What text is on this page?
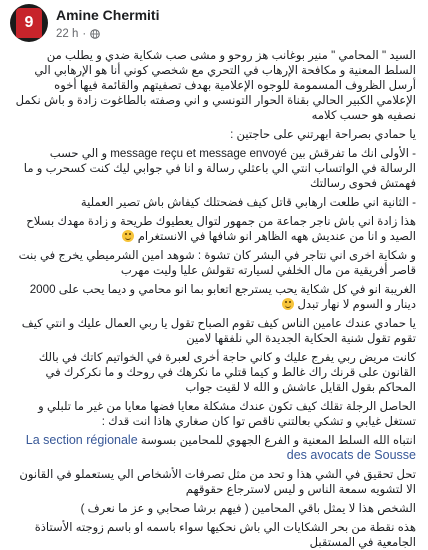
9	Amine Chermiti
22 h ·

السيد " المحامي " منير بوغانب هز روحو و مشى صب شكاية ضدي و يطلب من السلط المعنية و مكافحة الإرهاب في التحري مع شخصي كوني أنا هو الإرهابي الي أرسل الظروف المسمومة للوجوه الإعلامية بهدف تصفيتهم والقائمة فيها أخوه الإعلامي الكبير الحالي بقناة الحوار التونسي و اني وصفته بالطاغوت زادة و باش نكمل نصفيه هو حسب كلامه

يا حمادي بصراحة ابهرتني على حاجتين :

- الأولى انك ما تفرقش بين message reçu et message envoyé و الي حسب الرسالة في الواتساب انتي الي باعثلي رسالة و انا في جوابي ليك كنت كسحرب و ما فهمتش فحوى رسالتك

- الثانية اني طلعت ارهابي قاتل كيف فضحتلك كيفاش باش تصير العملية

هذا زادة اني باش ناجر جماعة من جمهور لتوال يعطيوك طريحة و زادة مهدك بسلاح الصيد و انا من عنديش ههه الظاهر انو شافها في الانستغرام

و شكاية اخرى اني نتاجر في البشر كان تشوة : شوهد امين الشرميطي يخرج في بنت قاصر أفريقية من مال الخلفي لسيارته تقولش عليا وليت مهرب

الغريبة انو في كل شكاية يحب يسترجع اتعابو بما انو محامي و ديما يحب على 2000 دينار و السوم لا نهار تبدل

يا حمادي عندك عامين الناس كيف تقوم الصباح تقول يا ربي العمال عليك و انتي كيف تقوم تقول شنية الحكاية الجديدة الي نلفقها لامين

كانت مريض ربي يفرج عليك و كاني حاجة أخرى لعبرة في الخواتيم كاتك في بالك القانون على قرنك راك غالط و كيما قتلي ما نكرهك في روحك و ما نكركرك في المحاكم بقول القايل عاشش و الله لا لقيت جواب

الحاصل الرجلة تقلك كيف تكون عندك مشكلة معايا فضها معايا من غير ما تلبلي و تستغل غيابي و تشكي بعالتني ناقص توا كان صغاري هاذا انت قدك :

انتباه الله السلط المعنية و الفرع الجهوي للمحامين بسوسة La section régionale des avocats de Sousse

تحل تحقيق في الشي هذا و تحد من مثل تصرفات الأشخاص الي يستعملو في القانون الا لتشويه سمعة الناس و ليس لاسترجاع حقوقهم

الشخص هذا لا يمثل باقي المحامين ( فيهم برشا صحابي و عز ما نعرف )

هذه نقطة من بحر الشكايات الي باش نحكيها سواء باسمه او باسم زوجته الأستاذة الجامعية في المستقبل
